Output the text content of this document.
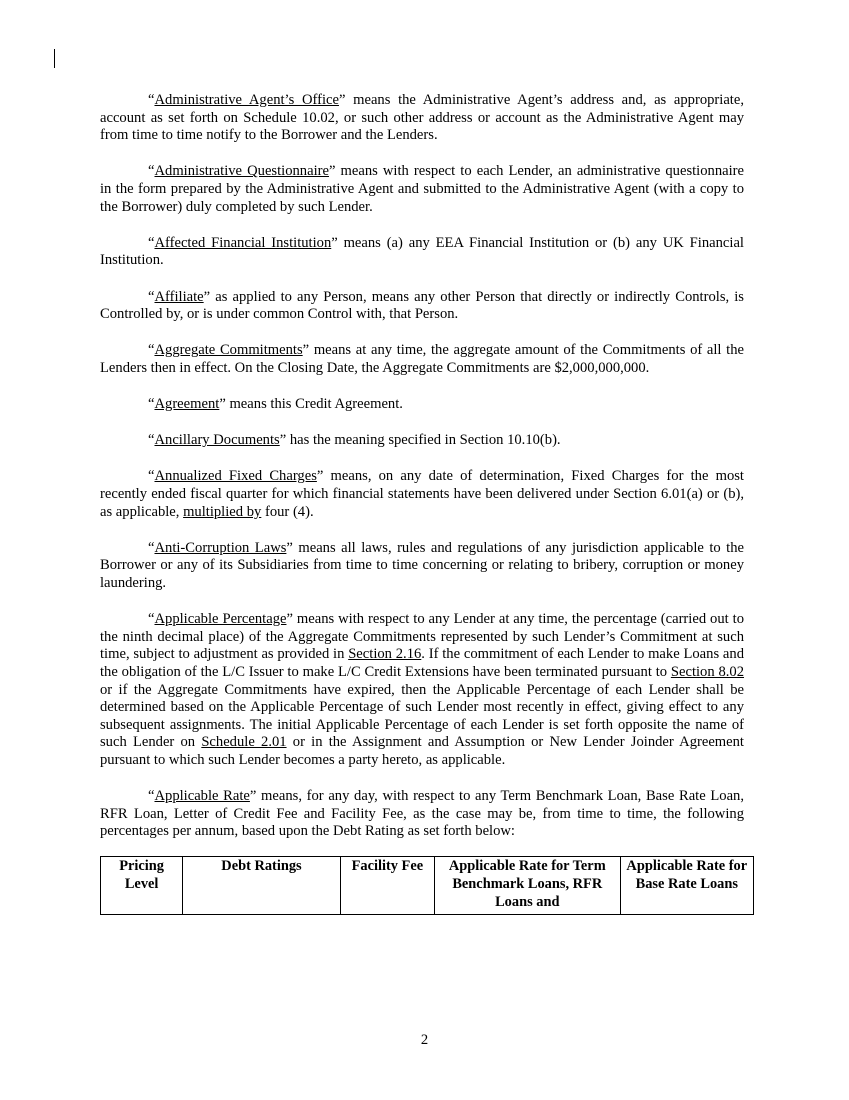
“Administrative Agent’s Office” means the Administrative Agent’s address and, as appropriate, account as set forth on Schedule 10.02, or such other address or account as the Administrative Agent may from time to time notify to the Borrower and the Lenders.

“Administrative Questionnaire” means with respect to each Lender, an administrative questionnaire in the form prepared by the Administrative Agent and submitted to the Administrative Agent (with a copy to the Borrower) duly completed by such Lender.

“Affected Financial Institution” means (a) any EEA Financial Institution or (b) any UK Financial Institution.

“Affiliate” as applied to any Person, means any other Person that directly or indirectly Controls, is Controlled by, or is under common Control with, that Person.

“Aggregate Commitments” means at any time, the aggregate amount of the Commitments of all the Lenders then in effect. On the Closing Date, the Aggregate Commitments are $2,000,000,000.

“Agreement” means this Credit Agreement.

“Ancillary Documents” has the meaning specified in Section 10.10(b).

“Annualized Fixed Charges” means, on any date of determination, Fixed Charges for the most recently ended fiscal quarter for which financial statements have been delivered under Section 6.01(a) or (b), as applicable, multiplied by four (4).

“Anti-Corruption Laws” means all laws, rules and regulations of any jurisdiction applicable to the Borrower or any of its Subsidiaries from time to time concerning or relating to bribery, corruption or money laundering.

“Applicable Percentage” means with respect to any Lender at any time, the percentage (carried out to the ninth decimal place) of the Aggregate Commitments represented by such Lender’s Commitment at such time, subject to adjustment as provided in Section 2.16. If the commitment of each Lender to make Loans and the obligation of the L/C Issuer to make L/C Credit Extensions have been terminated pursuant to Section 8.02 or if the Aggregate Commitments have expired, then the Applicable Percentage of each Lender shall be determined based on the Applicable Percentage of such Lender most recently in effect, giving effect to any subsequent assignments. The initial Applicable Percentage of each Lender is set forth opposite the name of such Lender on Schedule 2.01 or in the Assignment and Assumption or New Lender Joinder Agreement pursuant to which such Lender becomes a party hereto, as applicable.

“Applicable Rate” means, for any day, with respect to any Term Benchmark Loan, Base Rate Loan, RFR Loan, Letter of Credit Fee and Facility Fee, as the case may be, from time to time, the following percentages per annum, based upon the Debt Rating as set forth below:

Pricing Level	Debt Ratings	Facility Fee	Applicable Rate for Term Benchmark Loans, RFR Loans and	Applicable Rate for Base Rate Loans
2
